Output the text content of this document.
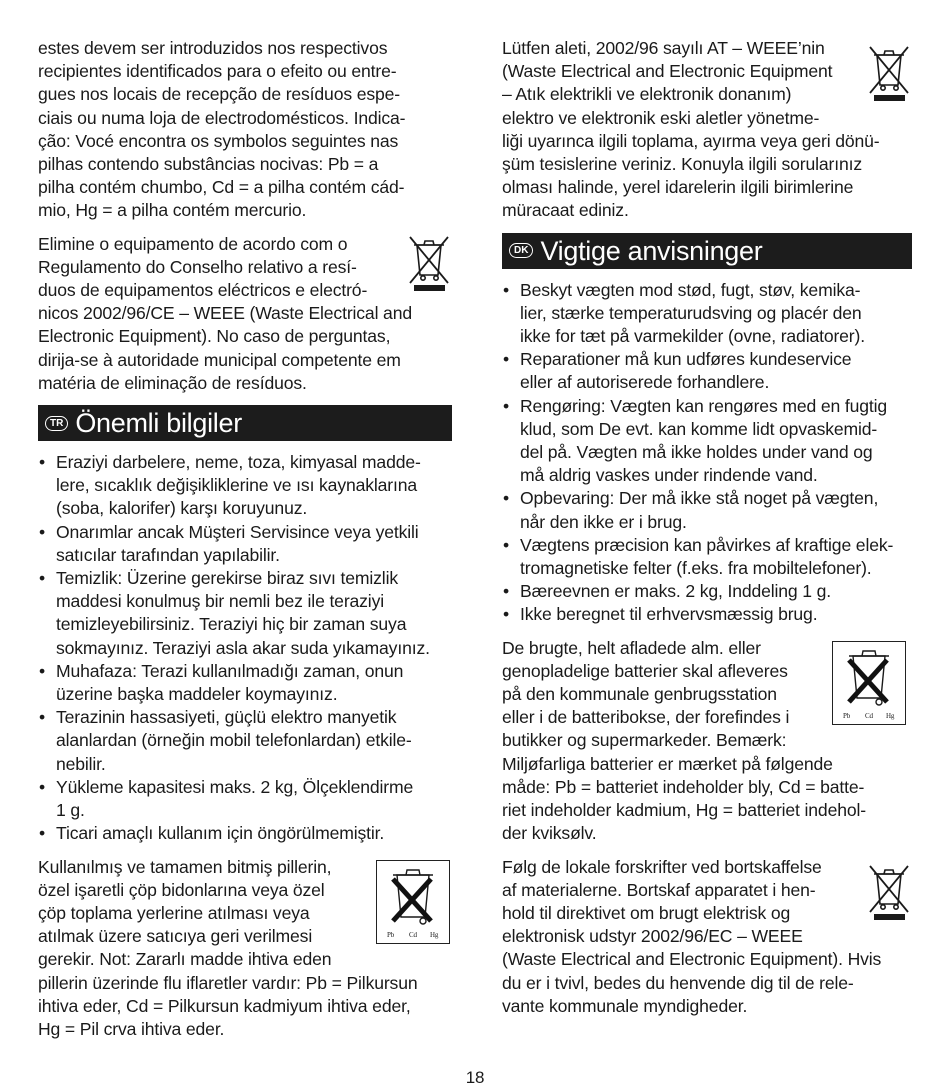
estes devem ser introduzidos nos respectivos
recipientes identificados para o efeito ou entre-
gues nos locais de recepção de resíduos espe-
ciais ou numa loja de electrodomésticos. Indica-
ção: Vocé encontra os symbolos seguintes nas
pilhas contendo substâncias nocivas: Pb = a
pilha contém chumbo, Cd = a pilha contém cád-
mio, Hg = a pilha contém mercurio.
Elimine o equipamento de acordo com o
Regulamento do Conselho relativo a resí-
duos de equipamentos eléctricos e electró-
nicos 2002/96/CE – WEEE (Waste Electrical and
Electronic Equipment). No caso de perguntas,
dirija-se à autoridade municipal competente em
matéria de eliminação de resíduos.
TR Önemli bilgiler
• Eraziyi darbelere, neme, toza, kimyasal madde-
lere, sıcaklık değişikliklerine ve ısı kaynaklarına
(soba, kalorifer) karşı koruyunuz.
• Onarımlar ancak Müşteri Servisince veya yetkili
satıcılar tarafından yapılabilir.
• Temizlik: Üzerine gerekirse biraz sıvı temizlik
maddesi konulmuş bir nemli bez ile teraziyi
temizleyebilirsiniz. Teraziyi hiç bir zaman suya
sokmayınız. Teraziyi asla akar suda yıkamayınız.
• Muhafaza: Terazi kullanılmadığı zaman, onun
üzerine başka maddeler koymayınız.
• Terazinin hassasiyeti, güçlü elektro manyetik
alanlardan (örneğin mobil telefonlardan) etkile-
nebilir.
• Yükleme kapasitesi maks. 2 kg, Ölçeklendirme
1 g.
• Ticari amaçlı kullanım için öngörülmemiştir.
Kullanılmış ve tamamen bitmiş pillerin,
özel işaretli çöp bidonlarına veya özel
çöp toplama yerlerine atılması veya
atılmak üzere satıcıya geri verilmesi
gerekir. Not: Zararlı madde ihtiva eden
pillerin üzerinde flu iflaretler vardır: Pb = Pilkursun
ihtiva eder, Cd = Pilkursun kadmiyum ihtiva eder,
Hg = Pil crva ihtiva eder.
Pb Cd Hg
Lütfen aleti, 2002/96 sayılı AT – WEEE’nin
(Waste Electrical and Electronic Equipment
– Atık elektrikli ve elektronik donanım)
elektro ve elektronik eski aletler yönetme-
liği uyarınca ilgili toplama, ayırma veya geri dönü-
şüm tesislerine veriniz. Konuyla ilgili sorularınız
olması halinde, yerel idarelerin ilgili birimlerine
müracaat ediniz.
DK Vigtige anvisninger
• Beskyt vægten mod stød, fugt, støv, kemika-
lier, stærke temperaturudsving og placér den
ikke for tæt på varmekilder (ovne, radiatorer).
• Reparationer må kun udføres kundeservice
eller af autoriserede forhandlere.
• Rengøring: Vægten kan rengøres med en fugtig
klud, som De evt. kan komme lidt opvaskemid-
del på. Vægten må ikke holdes under vand og
må aldrig vaskes under rindende vand.
• Opbevaring: Der må ikke stå noget på vægten,
når den ikke er i brug.
• Vægtens præcision kan påvirkes af kraftige elek-
tromagnetiske felter (f.eks. fra mobiltelefoner).
• Bæreevnen er maks. 2 kg, Inddeling 1 g.
• Ikke beregnet til erhvervsmæssig brug.
De brugte, helt afladede alm. eller
genopladelige batterier skal afleveres
på den kommunale genbrugsstation
eller i de batteribokse, der forefindes i
butikker og supermarkeder. Bemærk:
Miljøfarliga batterier er mærket på følgende
måde: Pb = batteriet indeholder bly, Cd = batte-
riet indeholder kadmium, Hg = batteriet indehol-
der kviksølv.
Pb Cd Hg
Følg de lokale forskrifter ved bortskaffelse
af materialerne. Bortskaf apparatet i hen-
hold til direktivet om brugt elektrisk og
elektronisk udstyr 2002/96/EC – WEEE
(Waste Electrical and Electronic Equipment). Hvis
du er i tvivl, bedes du henvende dig til de rele-
vante kommunale myndigheder.
18
